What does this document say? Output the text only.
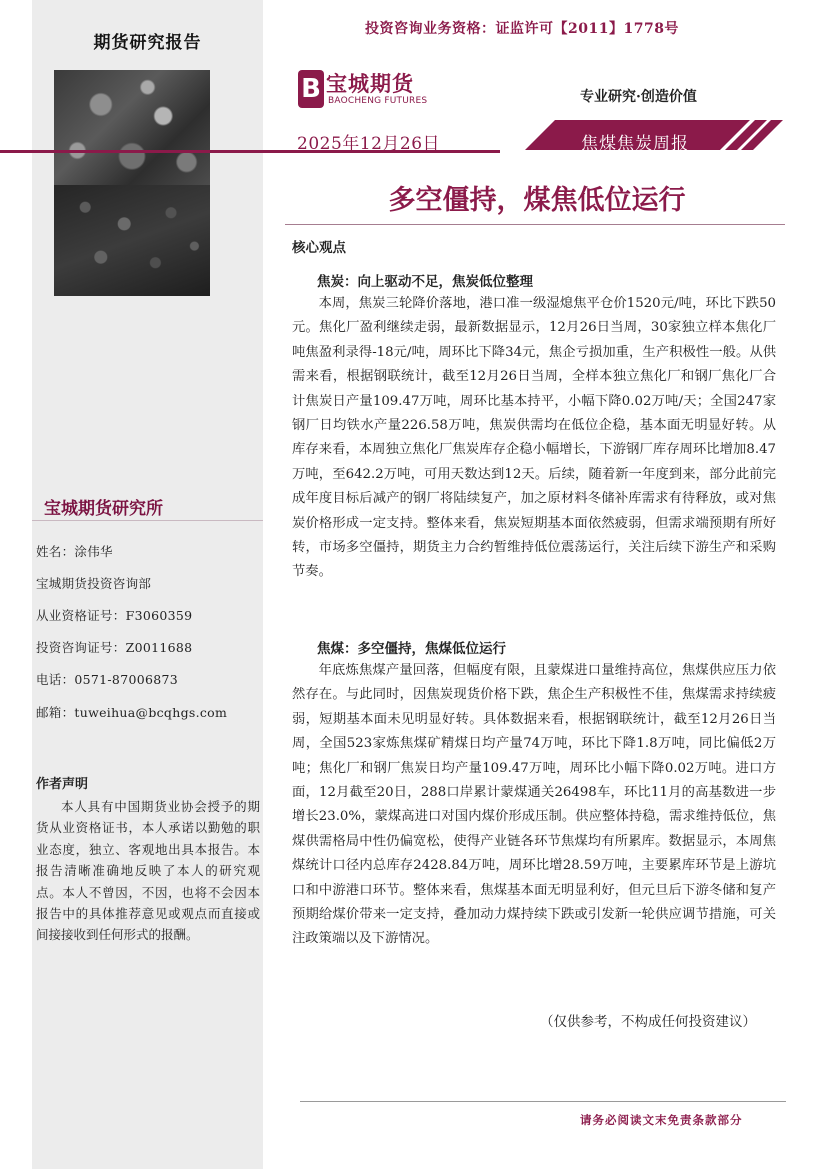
期货研究报告
宝城期货研究所
姓名：涂伟华
宝城期货投资咨询部
从业资格证号：F3060359
投资咨询证号：Z0011688
电话：0571-87006873
邮箱：tuweihua@bcqhgs.com
作者声明

本人具有中国期货业协会授予的期货从业资格证书，本人承诺以勤勉的职业态度，独立、客观地出具本报告。本报告清晰准确地反映了本人的研究观点。本人不曾因，不因，也将不会因本报告中的具体推荐意见或观点而直接或间接接收到任何形式的报酬。

投资咨询业务资格：证监许可【2011】1778号
B 宝城期货
BAOCHENG FUTURES	专业研究·创造价值
2025年12月26日	焦煤焦炭周报
多空僵持，煤焦低位运行
核心观点
焦炭：向上驱动不足，焦炭低位整理

本周，焦炭三轮降价落地，港口准一级湿熄焦平仓价1520元/吨，环比下跌50元。焦化厂盈利继续走弱，最新数据显示，12月26日当周，30家独立样本焦化厂吨焦盈利录得-18元/吨，周环比下降34元，焦企亏损加重，生产积极性一般。从供需来看，根据钢联统计，截至12月26日当周，全样本独立焦化厂和钢厂焦化厂合计焦炭日产量109.47万吨，周环比基本持平，小幅下降0.02万吨/天；全国247家钢厂日均铁水产量226.58万吨，焦炭供需均在低位企稳，基本面无明显好转。从库存来看，本周独立焦化厂焦炭库存企稳小幅增长，下游钢厂库存周环比增加8.47万吨，至642.2万吨，可用天数达到12天。后续，随着新一年度到来，部分此前完成年度目标后减产的钢厂将陆续复产，加之原材料冬储补库需求有待释放，或对焦炭价格形成一定支持。整体来看，焦炭短期基本面依然疲弱，但需求端预期有所好转，市场多空僵持，期货主力合约暂维持低位震荡运行，关注后续下游生产和采购节奏。

焦煤：多空僵持，焦煤低位运行

年底炼焦煤产量回落，但幅度有限，且蒙煤进口量维持高位，焦煤供应压力依然存在。与此同时，因焦炭现货价格下跌，焦企生产积极性不佳，焦煤需求持续疲弱，短期基本面未见明显好转。具体数据来看，根据钢联统计，截至12月26日当周，全国523家炼焦煤矿精煤日均产量74万吨，环比下降1.8万吨，同比偏低2万吨；焦化厂和钢厂焦炭日均产量109.47万吨，周环比小幅下降0.02万吨。进口方面，12月截至20日，288口岸累计蒙煤通关26498车，环比11月的高基数进一步增长23.0%，蒙煤高进口对国内煤价形成压制。供应整体持稳，需求维持低位，焦煤供需格局中性仍偏宽松，使得产业链各环节焦煤均有所累库。数据显示，本周焦煤统计口径内总库存2428.84万吨，周环比增28.59万吨，主要累库环节是上游坑口和中游港口环节。整体来看，焦煤基本面无明显利好，但元旦后下游冬储和复产预期给煤价带来一定支持，叠加动力煤持续下跌或引发新一轮供应调节措施，可关注政策端以及下游情况。

（仅供参考，不构成任何投资建议）
请务必阅读文末免责条款部分
